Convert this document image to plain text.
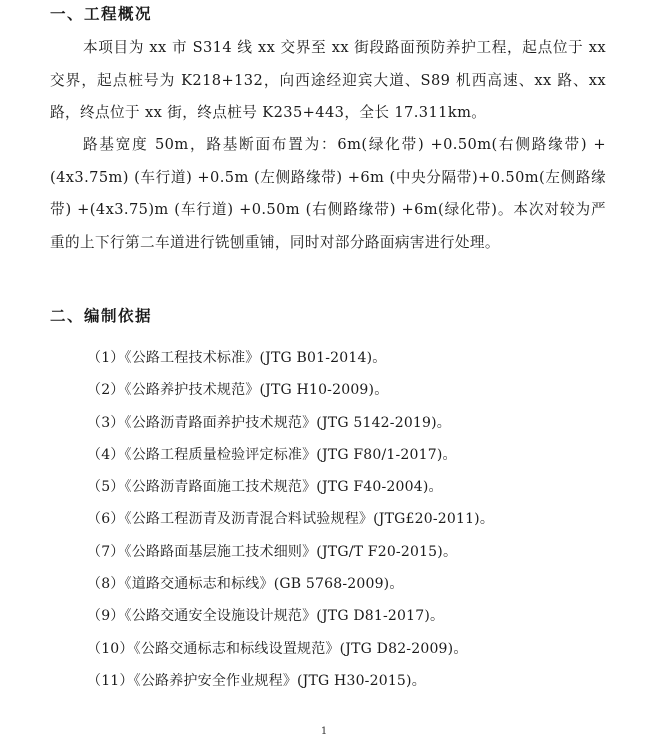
一、工程概况

本项目为 xx 市 S314 线 xx 交界至 xx 街段路面预防养护工程，起点位于 xx 交界，起点桩号为 K218+132，向西途经迎宾大道、S89 机西高速、xx 路、xx 路，终点位于 xx 街，终点桩号 K235+443，全长 17.311km。

路基宽度 50m，路基断面布置为：6m(绿化带) +0.50m(右侧路缘带) +(4x3.75m) (车行道) +0.5m (左侧路缘带) +6m (中央分隔带)+0.50m(左侧路缘带) +(4x3.75)m (车行道) +0.50m (右侧路缘带) +6m(绿化带)。本次对较为严重的上下行第二车道进行铣刨重铺，同时对部分路面病害进行处理。

二、编制依据
（1）《公路工程技术标准》(JTG B01-2014)。
（2）《公路养护技术规范》(JTG H10-2009)。
（3）《公路沥青路面养护技术规范》(JTG 5142-2019)。
（4）《公路工程质量检验评定标准》(JTG F80/1-2017)。
（5）《公路沥青路面施工技术规范》(JTG F40-2004)。
（6）《公路工程沥青及沥青混合料试验规程》(JTG£20-2011)。
（7）《公路路面基层施工技术细则》(JTG/T F20-2015)。
（8）《道路交通标志和标线》(GB 5768-2009)。
（9）《公路交通安全设施设计规范》(JTG D81-2017)。
（10）《公路交通标志和标线设置规范》(JTG D82-2009)。
（11）《公路养护安全作业规程》(JTG H30-2015)。
1
